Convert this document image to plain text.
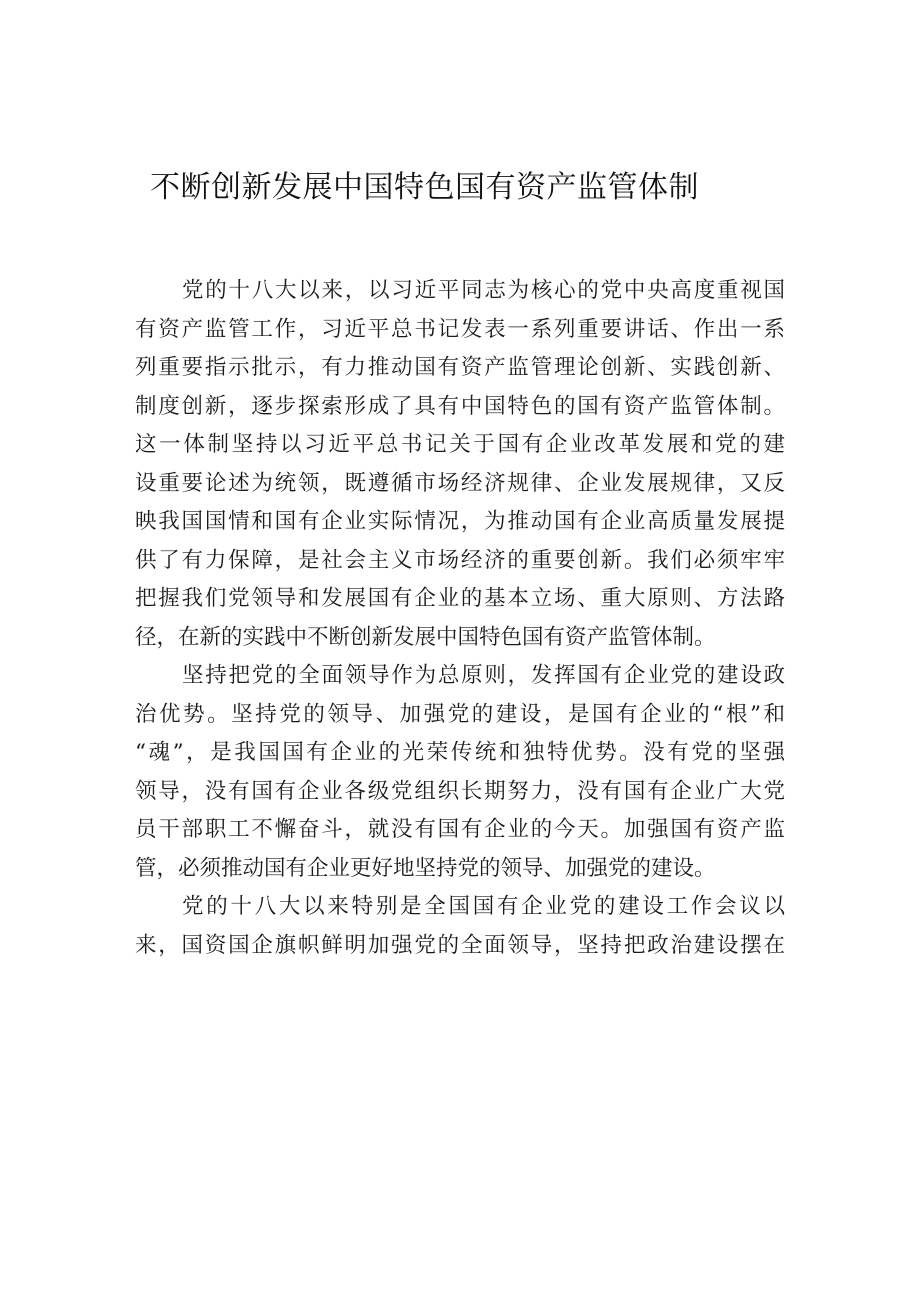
不断创新发展中国特色国有资产监管体制
党的十八大以来，以习近平同志为核心的党中央高度重视国
有资产监管工作，习近平总书记发表一系列重要讲话、作出一系
列重要指示批示，有力推动国有资产监管理论创新、实践创新、
制度创新，逐步探索形成了具有中国特色的国有资产监管体制。
这一体制坚持以习近平总书记关于国有企业改革发展和党的建
设重要论述为统领，既遵循市场经济规律、企业发展规律，又反
映我国国情和国有企业实际情况，为推动国有企业高质量发展提
供了有力保障，是社会主义市场经济的重要创新。我们必须牢牢
把握我们党领导和发展国有企业的基本立场、重大原则、方法路
径，在新的实践中不断创新发展中国特色国有资产监管体制。
坚持把党的全面领导作为总原则，发挥国有企业党的建设政
治优势。坚持党的领导、加强党的建设，是国有企业的“根”和
“魂”，是我国国有企业的光荣传统和独特优势。没有党的坚强
领导，没有国有企业各级党组织长期努力，没有国有企业广大党
员干部职工不懈奋斗，就没有国有企业的今天。加强国有资产监
管，必须推动国有企业更好地坚持党的领导、加强党的建设。
党的十八大以来特别是全国国有企业党的建设工作会议以
来，国资国企旗帜鲜明加强党的全面领导，坚持把政治建设摆在
